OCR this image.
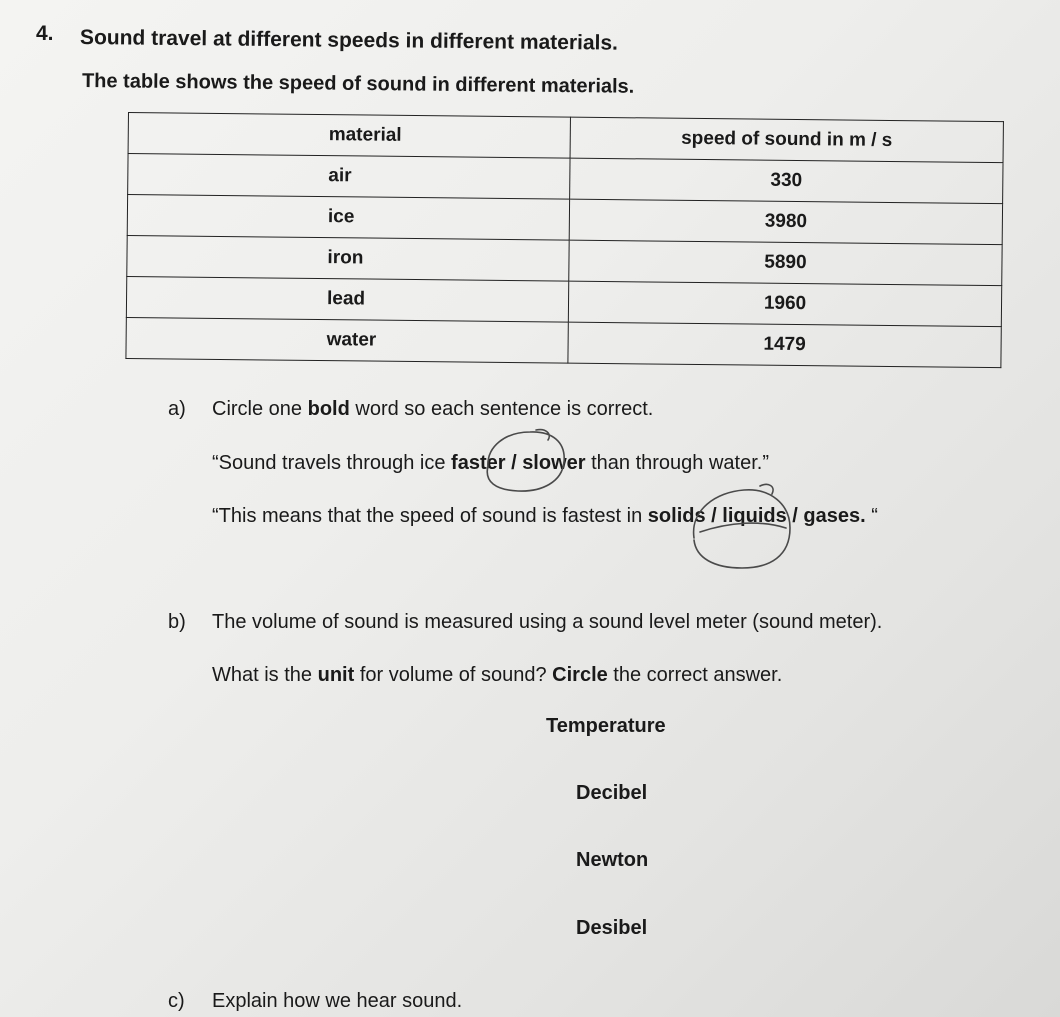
4. Sound travel at different speeds in different materials.
The table shows the speed of sound in different materials.
material	speed of sound in m / s
air	330
ice	3980
iron	5890
lead	1960
water	1479
a) Circle one bold word so each sentence is correct.
“Sound travels through ice faster / slower than through water.”
“This means that the speed of sound is fastest in solids / liquids / gases. “
b) The volume of sound is measured using a sound level meter (sound meter).
What is the unit for volume of sound? Circle the correct answer.
Temperature
Decibel
Newton
Desibel
c) Explain how we hear sound.
